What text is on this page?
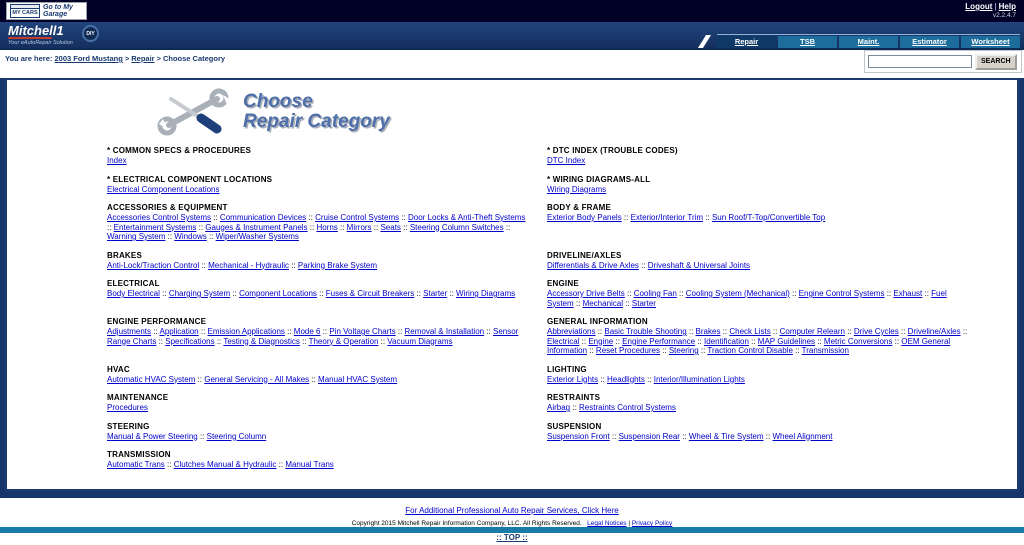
MY CARS
Go to My Garage
Logout | Help
v2.2.4.7
Mitchell1
Your eAutoRepair Solution
DIY
Repair	TSB	Maint.	Estimator	Worksheet
You are here: 2003 Ford Mustang > Repair > Choose Category	SEARCH
Choose
Repair Category
* COMMON SPECS & PROCEDURES
Index
* DTC INDEX (TROUBLE CODES)
DTC Index
* ELECTRICAL COMPONENT LOCATIONS
Electrical Component Locations
* WIRING DIAGRAMS-ALL
Wiring Diagrams
ACCESSORIES & EQUIPMENT
Accessories Control Systems :: Communication Devices :: Cruise Control Systems :: Door Locks & Anti-Theft Systems :: Entertainment Systems :: Gauges & Instrument Panels :: Horns :: Mirrors :: Seats :: Steering Column Switches :: Warning System :: Windows :: Wiper/Washer Systems
BODY & FRAME
Exterior Body Panels :: Exterior/Interior Trim :: Sun Roof/T-Top/Convertible Top
BRAKES
Anti-Lock/Traction Control :: Mechanical - Hydraulic :: Parking Brake System
DRIVELINE/AXLES
Differentials & Drive Axles :: Driveshaft & Universal Joints
ELECTRICAL
Body Electrical :: Charging System :: Component Locations :: Fuses & Circuit Breakers :: Starter :: Wiring Diagrams
ENGINE
Accessory Drive Belts :: Cooling Fan :: Cooling System (Mechanical) :: Engine Control Systems :: Exhaust :: Fuel System :: Mechanical :: Starter
ENGINE PERFORMANCE
Adjustments :: Application :: Emission Applications :: Mode 6 :: Pin Voltage Charts :: Removal & Installation :: Sensor Range Charts :: Specifications :: Testing & Diagnostics :: Theory & Operation :: Vacuum Diagrams
GENERAL INFORMATION
Abbreviations :: Basic Trouble Shooting :: Brakes :: Check Lists :: Computer Relearn :: Drive Cycles :: Driveline/Axles :: Electrical :: Engine :: Engine Performance :: Identification :: MAP Guidelines :: Metric Conversions :: OEM General Information :: Reset Procedures :: Steering :: Traction Control Disable :: Transmission
HVAC
Automatic HVAC System :: General Servicing - All Makes :: Manual HVAC System
LIGHTING
Exterior Lights :: Headlights :: Interior/Illumination Lights
MAINTENANCE
Procedures
RESTRAINTS
Airbag :: Restraints Control Systems
STEERING
Manual & Power Steering :: Steering Column
SUSPENSION
Suspension Front :: Suspension Rear :: Wheel & Tire System :: Wheel Alignment
TRANSMISSION
Automatic Trans :: Clutches Manual & Hydraulic :: Manual Trans
For Additional Professional Auto Repair Services, Click Here
Copyright 2015 Mitchell Repair Information Company, LLC. All Rights Reserved. Legal Notices | Privacy Policy
:: TOP ::
